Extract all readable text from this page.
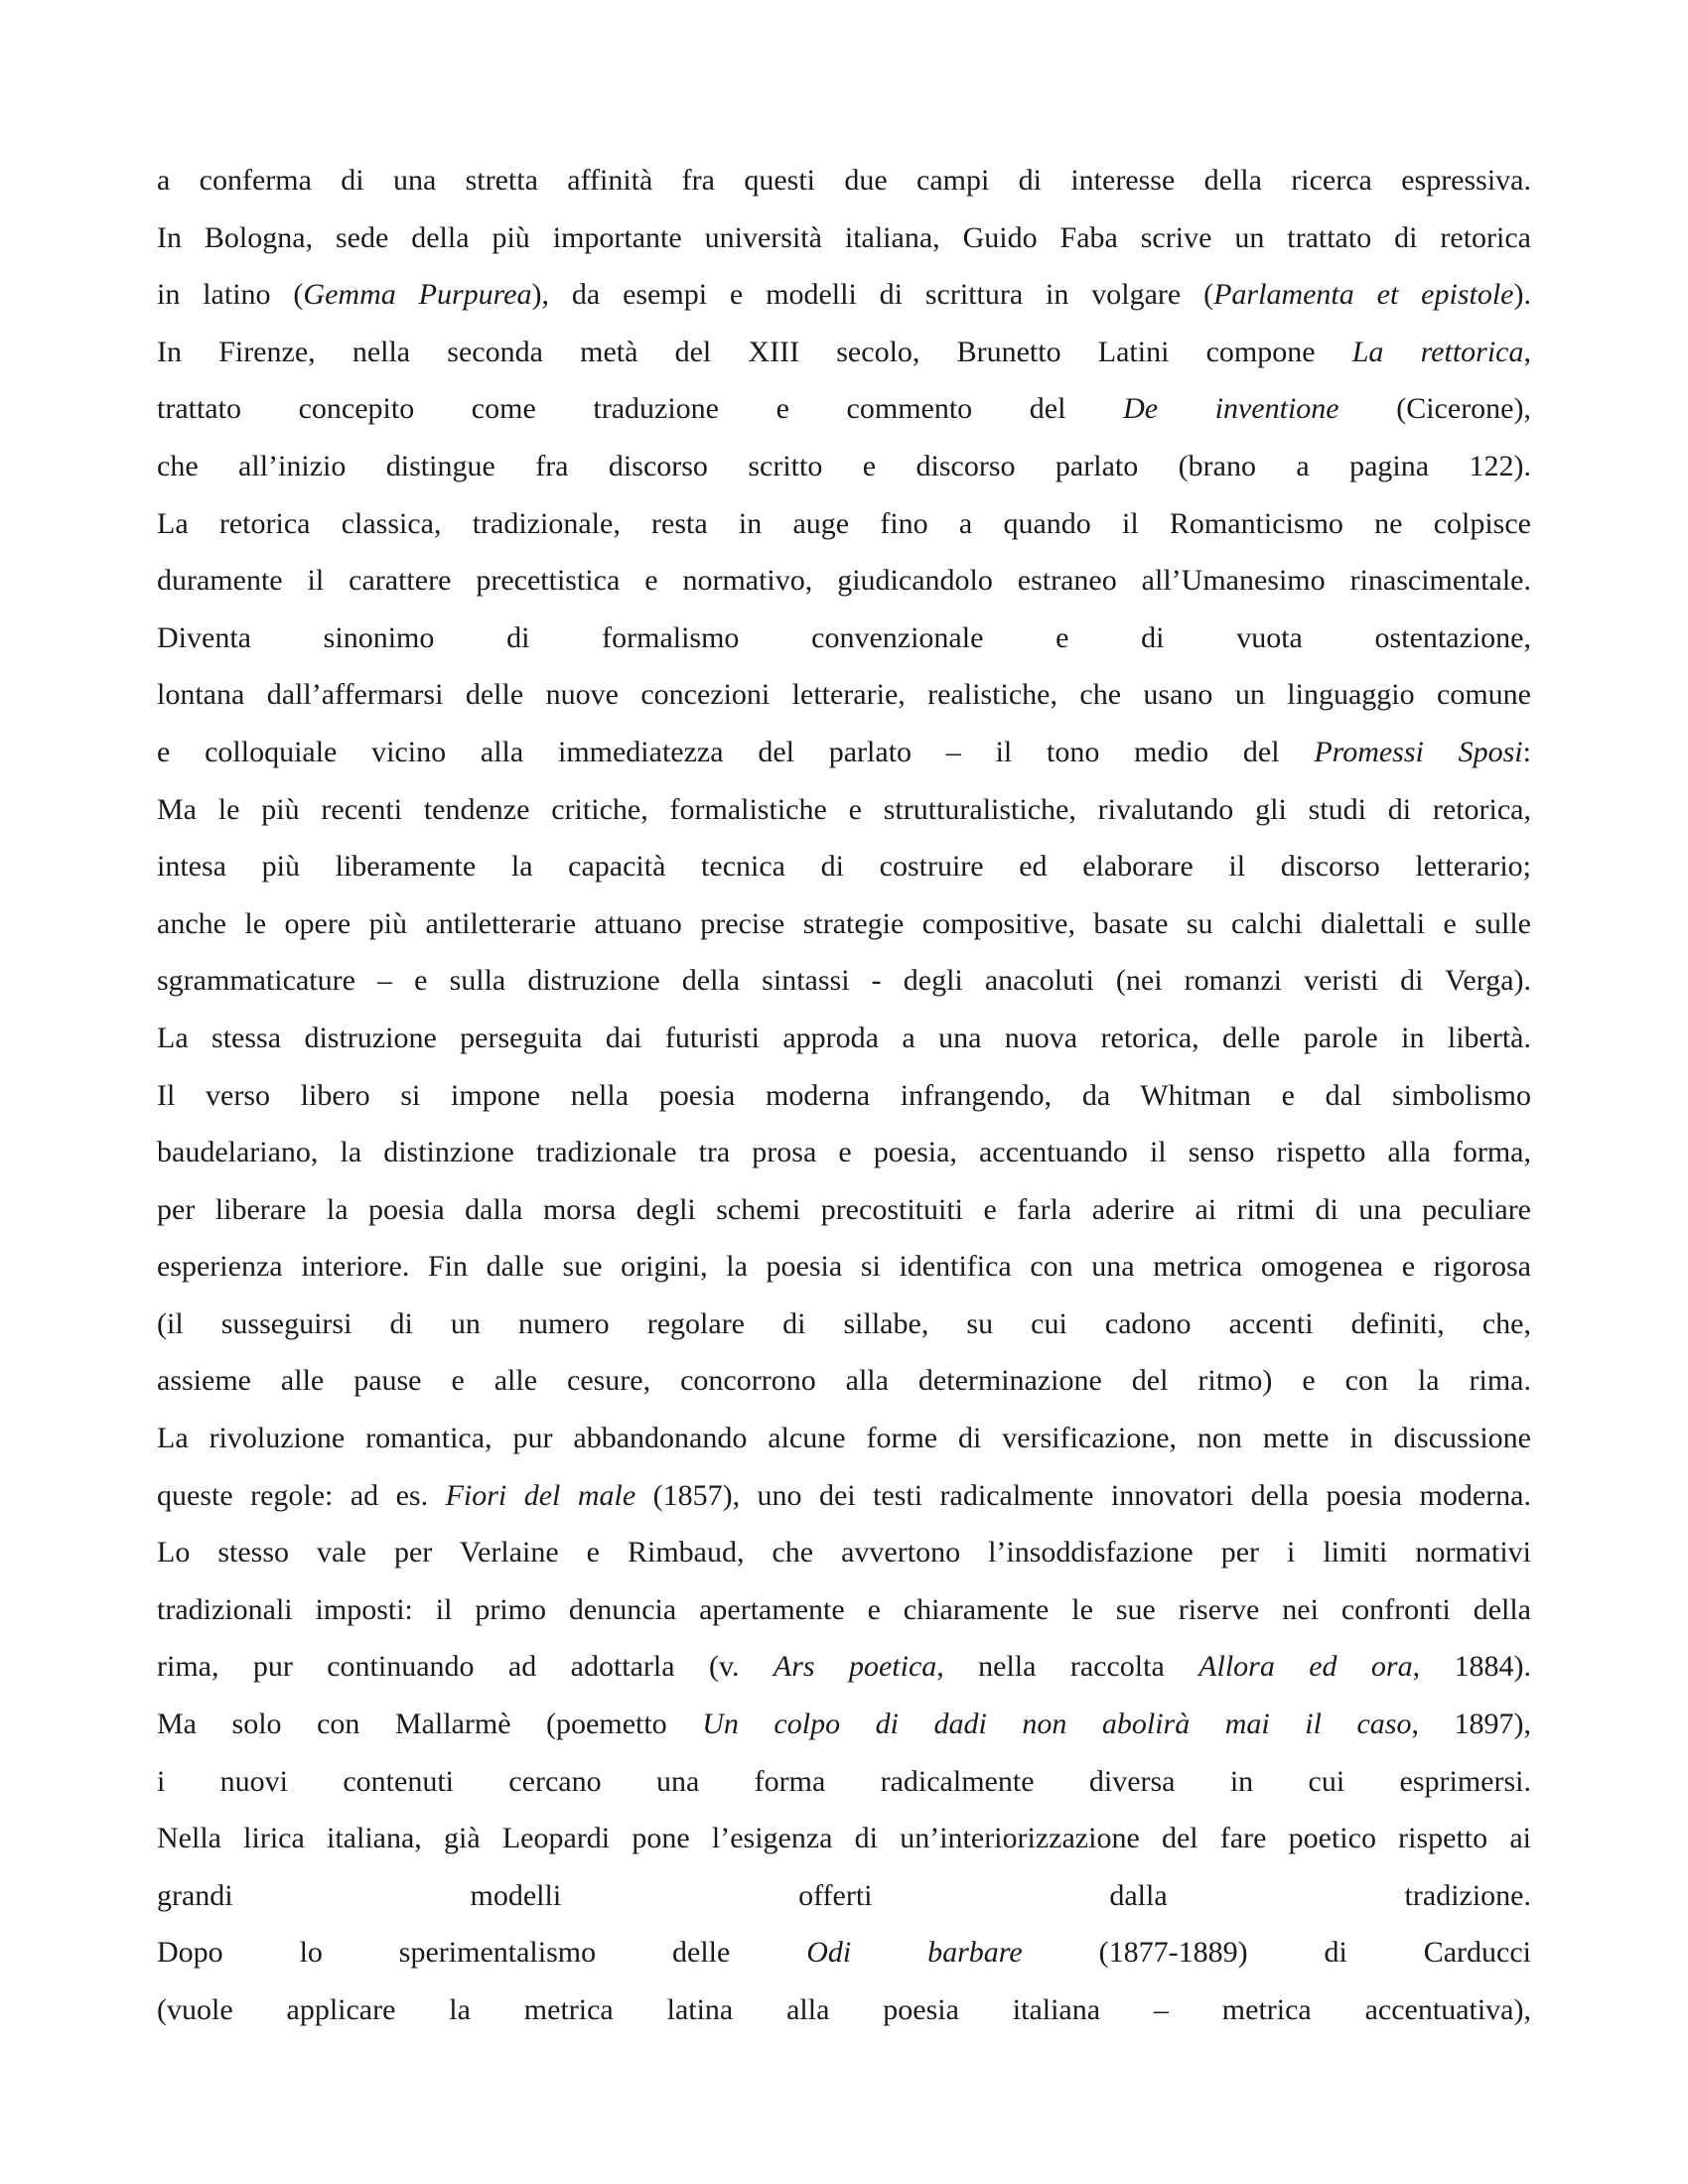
a conferma di una stretta affinità fra questi due campi di interesse della ricerca espressiva.
In Bologna, sede della più importante università italiana, Guido Faba scrive un trattato di retorica
in latino (Gemma Purpurea), da esempi e modelli di scrittura in volgare (Parlamenta et epistole).
In Firenze, nella seconda metà del XIII secolo, Brunetto Latini compone La rettorica,
trattato concepito come traduzione e commento del De inventione (Cicerone),
che all’inizio distingue fra discorso scritto e discorso parlato (brano a pagina 122).
La retorica classica, tradizionale, resta in auge fino a quando il Romanticismo ne colpisce
duramente il carattere precettistica e normativo, giudicandolo estraneo all’Umanesimo rinascimentale.
Diventa sinonimo di formalismo convenzionale e di vuota ostentazione,
lontana dall’affermarsi delle nuove concezioni letterarie, realistiche, che usano un linguaggio comune
e colloquiale vicino alla immediatezza del parlato – il tono medio del Promessi Sposi:
Ma le più recenti tendenze critiche, formalistiche e strutturalistiche, rivalutando gli studi di retorica,
intesa più liberamente la capacità tecnica di costruire ed elaborare il discorso letterario;
anche le opere più antiletterarie attuano precise strategie compositive, basate su calchi dialettali e sulle
sgrammaticature – e sulla distruzione della sintassi - degli anacoluti (nei romanzi veristi di Verga).
La stessa distruzione perseguita dai futuristi approda a una nuova retorica, delle parole in libertà.
Il verso libero si impone nella poesia moderna infrangendo, da Whitman e dal simbolismo
baudelariano, la distinzione tradizionale tra prosa e poesia, accentuando il senso rispetto alla forma,
per liberare la poesia dalla morsa degli schemi precostituiti e farla aderire ai ritmi di una peculiare
esperienza interiore. Fin dalle sue origini, la poesia si identifica con una metrica omogenea e rigorosa
(il susseguirsi di un numero regolare di sillabe, su cui cadono accenti definiti, che,
assieme alle pause e alle cesure, concorrono alla determinazione del ritmo) e con la rima.
La rivoluzione romantica, pur abbandonando alcune forme di versificazione, non mette in discussione
queste regole: ad es. Fiori del male (1857), uno dei testi radicalmente innovatori della poesia moderna.
Lo stesso vale per Verlaine e Rimbaud, che avvertono l’insoddisfazione per i limiti normativi
tradizionali imposti: il primo denuncia apertamente e chiaramente le sue riserve nei confronti della
rima, pur continuando ad adottarla (v. Ars poetica, nella raccolta Allora ed ora, 1884).
Ma solo con Mallarmè (poemetto Un colpo di dadi non abolirà mai il caso, 1897),
i nuovi contenuti cercano una forma radicalmente diversa in cui esprimersi.
Nella lirica italiana, già Leopardi pone l’esigenza di un’interiorizzazione del fare poetico rispetto ai
grandi modelli offerti dalla tradizione.
Dopo lo sperimentalismo delle Odi barbare (1877-1889) di Carducci
(vuole applicare la metrica latina alla poesia italiana – metrica accentuativa),
